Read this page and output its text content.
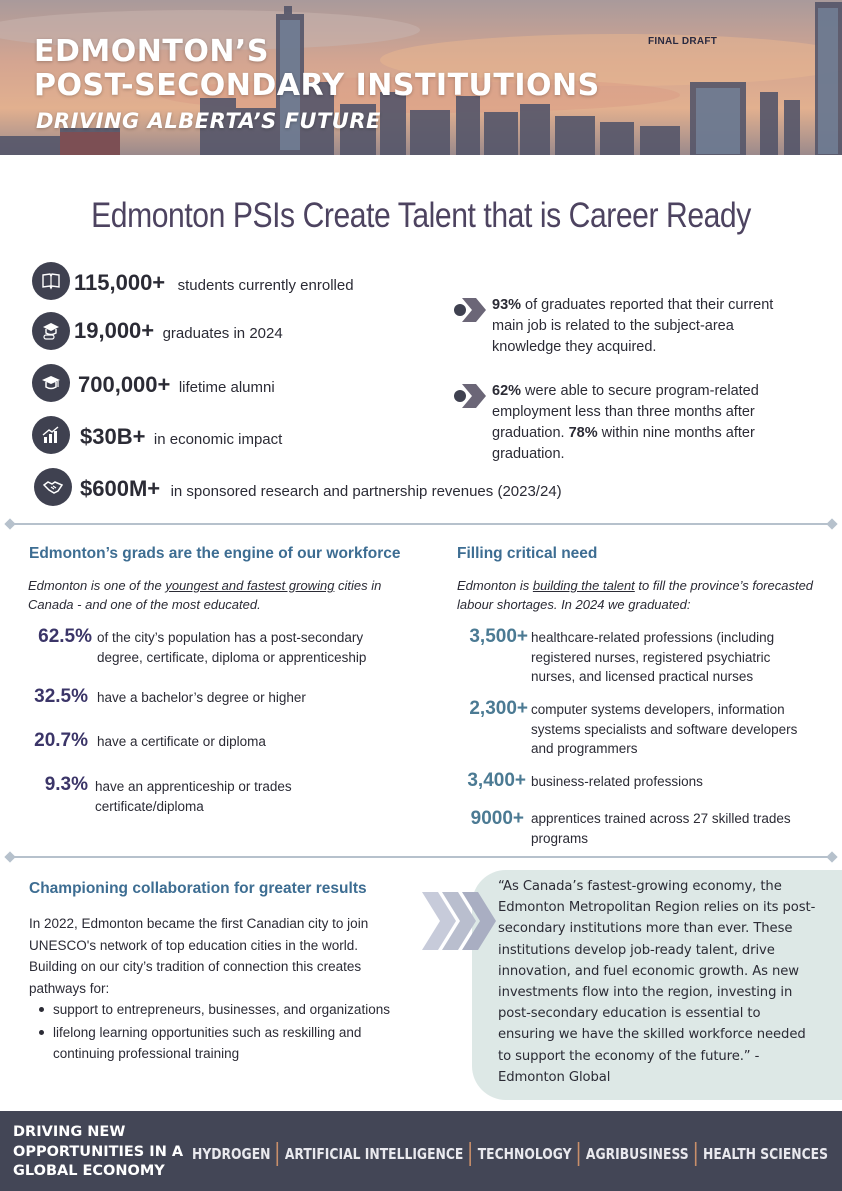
EDMONTON’S
POST-SECONDARY INSTITUTIONS
DRIVING ALBERTA’S FUTURE
FINAL DRAFT
Edmonton PSIs Create Talent that is Career Ready
115,000+ students currently enrolled
19,000+ graduates in 2024
700,000+ lifetime alumni
$30B+ in economic impact
$600M+ in sponsored research and partnership revenues (2023/24)
93% of graduates reported that their current main job is related to the subject-area knowledge they acquired.
62% were able to secure program-related employment less than three months after graduation. 78% within nine months after graduation.
Edmonton’s grads are the engine of our workforce
Edmonton is one of the youngest and fastest growing cities in Canada - and one of the most educated.
62.5% of the city’s population has a post-secondary degree, certificate, diploma or apprenticeship
32.5% have a bachelor’s degree or higher
20.7% have a certificate or diploma
9.3% have an apprenticeship or trades certificate/diploma
Filling critical need
Edmonton is building the talent to fill the province’s forecasted labour shortages. In 2024 we graduated:
3,500+ healthcare-related professions (including registered nurses, registered psychiatric nurses, and licensed practical nurses
2,300+ computer systems developers, information systems specialists and software developers and programmers
3,400+ business-related professions
9000+ apprentices trained across 27 skilled trades programs
Championing collaboration for greater results
In 2022, Edmonton became the first Canadian city to join UNESCO's network of top education cities in the world. Building on our city’s tradition of connection this creates pathways for:
support to entrepreneurs, businesses, and organizations
lifelong learning opportunities such as reskilling and continuing professional training
“As Canada’s fastest-growing economy, the Edmonton Metropolitan Region relies on its post-secondary institutions more than ever. These institutions develop job-ready talent, drive innovation, and fuel economic growth. As new investments flow into the region, investing in post-secondary education is essential to ensuring we have the skilled workforce needed to support the economy of the future.” -Edmonton Global
DRIVING NEW OPPORTUNITIES IN A GLOBAL ECONOMY
HYDROGEN ARTIFICIAL INTELLIGENCE TECHNOLOGY AGRIBUSINESS HEALTH SCIENCES
